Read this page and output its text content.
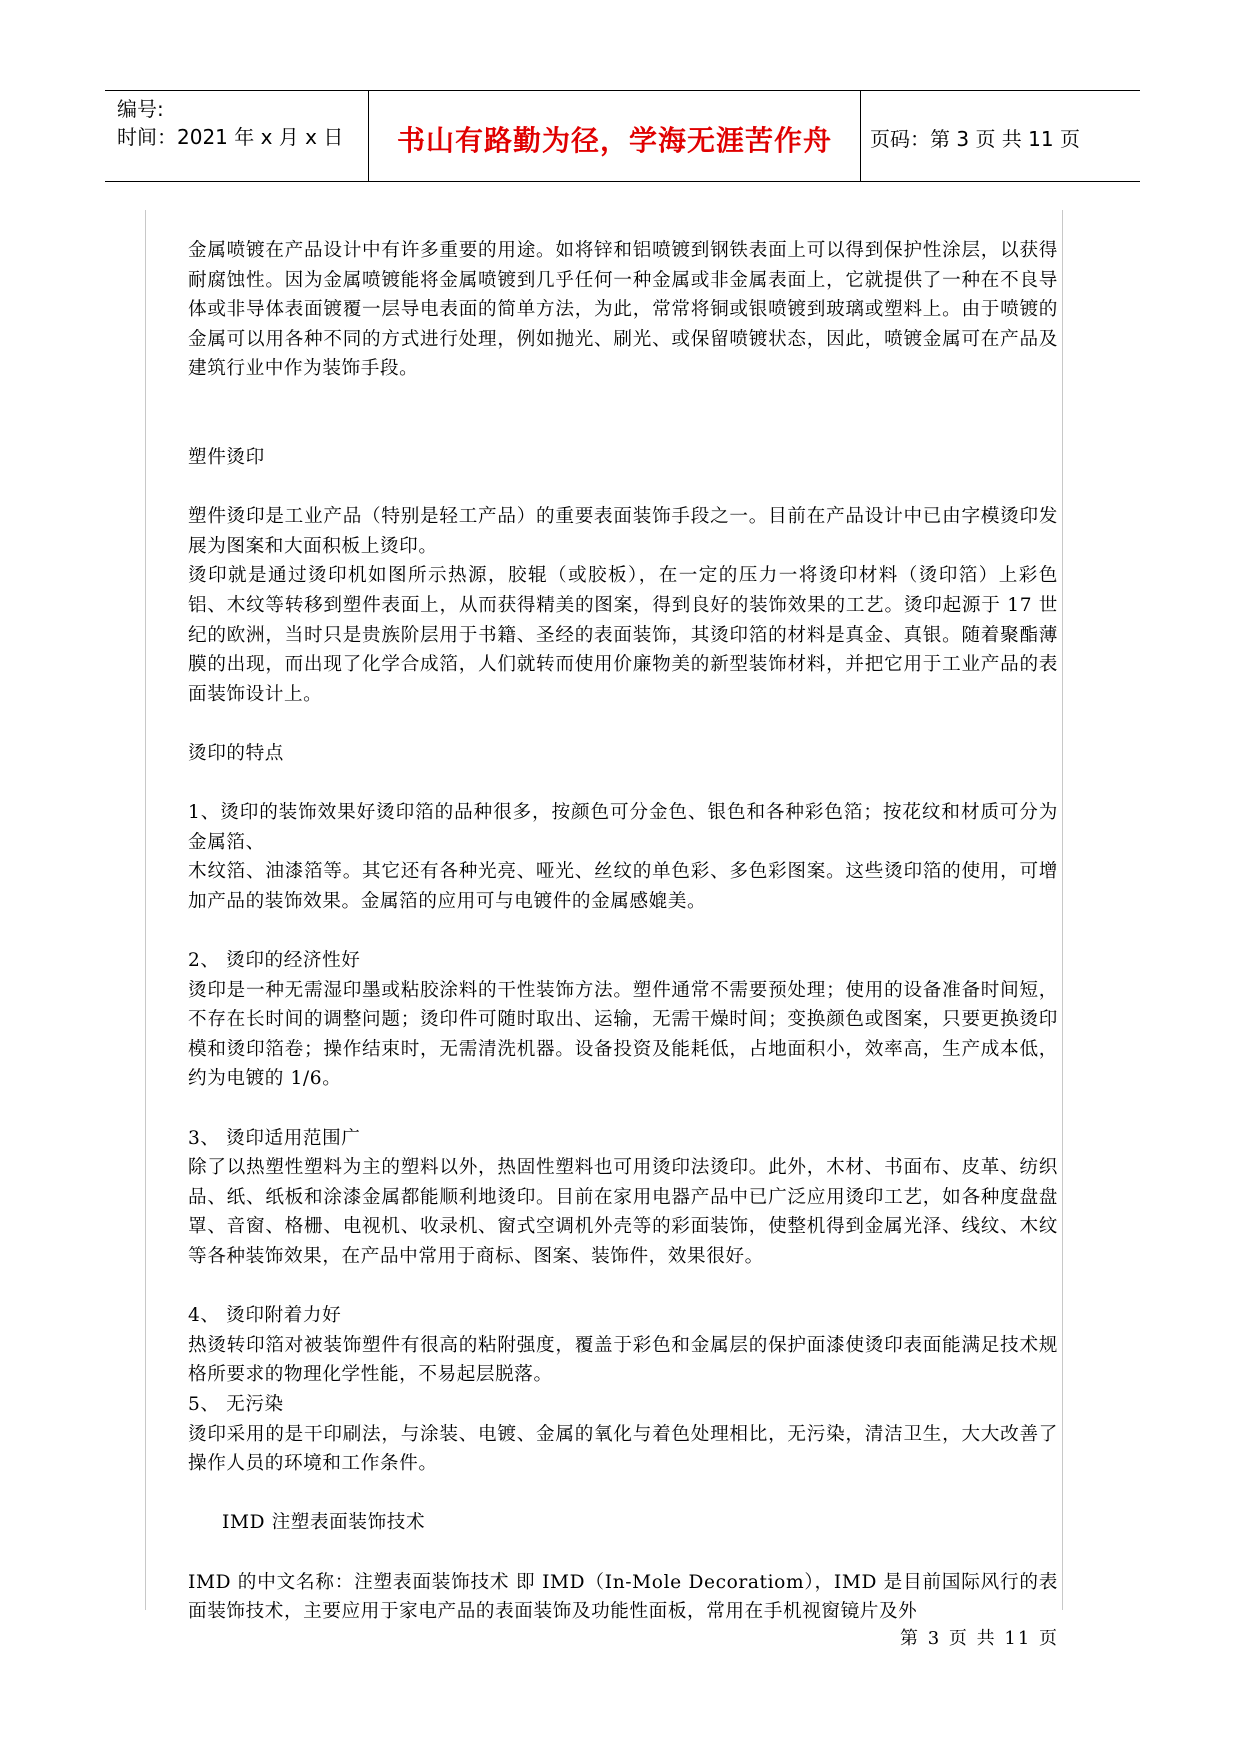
编号:
时间：2021 年 x 月 x 日	书山有路勤为径，学海无涯苦作舟	页码：第 3 页 共 11 页

金属喷镀在产品设计中有许多重要的用途。如将锌和铝喷镀到钢铁表面上可以得到保护性涂层，以获得耐腐蚀性。因为金属喷镀能将金属喷镀到几乎任何一种金属或非金属表面上，它就提供了一种在不良导体或非导体表面镀覆一层导电表面的简单方法，为此，常常将铜或银喷镀到玻璃或塑料上。由于喷镀的金属可以用各种不同的方式进行处理，例如抛光、刷光、或保留喷镀状态，因此，喷镀金属可在产品及建筑行业中作为装饰手段。

塑件烫印

塑件烫印是工业产品（特别是轻工产品）的重要表面装饰手段之一。目前在产品设计中已由字模烫印发展为图案和大面积板上烫印。

烫印就是通过烫印机如图所示热源，胶辊（或胶板），在一定的压力一将烫印材料（烫印箔）上彩色铝、木纹等转移到塑件表面上，从而获得精美的图案，得到良好的装饰效果的工艺。烫印起源于 17 世纪的欧洲，当时只是贵族阶层用于书籍、圣经的表面装饰，其烫印箔的材料是真金、真银。随着聚酯薄膜的出现，而出现了化学合成箔，人们就转而使用价廉物美的新型装饰材料，并把它用于工业产品的表面装饰设计上。

烫印的特点

1、烫印的装饰效果好烫印箔的品种很多，按颜色可分金色、银色和各种彩色箔；按花纹和材质可分为金属箔、

木纹箔、油漆箔等。其它还有各种光亮、哑光、丝纹的单色彩、多色彩图案。这些烫印箔的使用，可增加产品的装饰效果。金属箔的应用可与电镀件的金属感媲美。

2、 烫印的经济性好

烫印是一种无需湿印墨或粘胶涂料的干性装饰方法。塑件通常不需要预处理；使用的设备准备时间短，不存在长时间的调整问题；烫印件可随时取出、运输，无需干燥时间；变换颜色或图案，只要更换烫印模和烫印箔卷；操作结束时，无需清洗机器。设备投资及能耗低，占地面积小，效率高，生产成本低，约为电镀的 1/6。

3、 烫印适用范围广

除了以热塑性塑料为主的塑料以外，热固性塑料也可用烫印法烫印。此外，木材、书面布、皮革、纺织品、纸、纸板和涂漆金属都能顺利地烫印。目前在家用电器产品中已广泛应用烫印工艺，如各种度盘盘罩、音窗、格栅、电视机、收录机、窗式空调机外壳等的彩面装饰，使整机得到金属光泽、线纹、木纹等各种装饰效果，在产品中常用于商标、图案、装饰件，效果很好。

4、 烫印附着力好

热烫转印箔对被装饰塑件有很高的粘附强度，覆盖于彩色和金属层的保护面漆使烫印表面能满足技术规格所要求的物理化学性能，不易起层脱落。

5、 无污染

烫印采用的是干印刷法，与涂装、电镀、金属的氧化与着色处理相比，无污染，清洁卫生，大大改善了操作人员的环境和工作条件。

IMD 注塑表面装饰技术

IMD 的中文名称：注塑表面装饰技术 即 IMD（In-Mole Decoratiom），IMD 是目前国际风行的表面装饰技术，主要应用于家电产品的表面装饰及功能性面板，常用在手机视窗镜片及外

第 3 页 共 11 页
